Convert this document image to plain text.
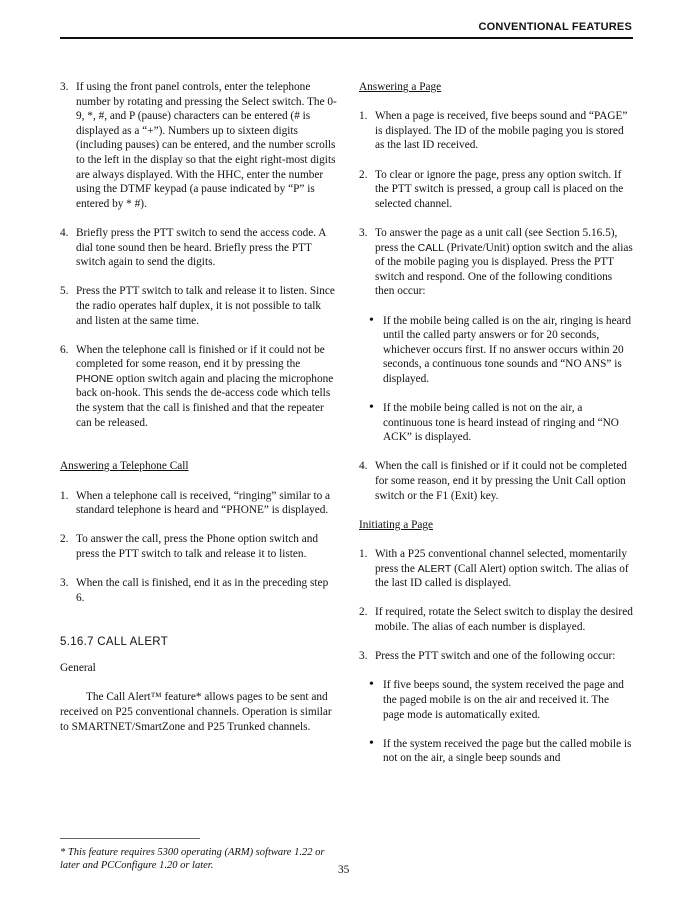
CONVENTIONAL FEATURES
3. If using the front panel controls, enter the telephone number by rotating and pressing the Select switch. The 0-9, *, #, and P (pause) characters can be entered (# is displayed as a “+”). Numbers up to sixteen digits (including pauses) can be entered, and the number scrolls to the left in the display so that the eight right-most digits are always displayed. With the HHC, enter the number using the DTMF keypad (a pause indicated by “P” is entered by * #).
4. Briefly press the PTT switch to send the access code. A dial tone sound then be heard. Briefly press the PTT switch again to send the digits.
5. Press the PTT switch to talk and release it to listen. Since the radio operates half duplex, it is not possible to talk and listen at the same time.
6. When the telephone call is finished or if it could not be completed for some reason, end it by pressing the PHONE option switch again and placing the microphone back on-hook. This sends the de-access code which tells the system that the call is finished and that the repeater can be released.
Answering a Telephone Call
1. When a telephone call is received, “ringing” similar to a standard telephone is heard and “PHONE” is displayed.
2. To answer the call, press the Phone option switch and press the PTT switch to talk and release it to listen.
3. When the call is finished, end it as in the preceding step 6.
5.16.7 CALL ALERT
General
The Call Alert™ feature* allows pages to be sent and received on P25 conventional channels. Operation is similar to SMARTNET/SmartZone and P25 Trunked channels.
Answering a Page
1. When a page is received, five beeps sound and “PAGE” is displayed. The ID of the mobile paging you is stored as the last ID received.
2. To clear or ignore the page, press any option switch. If the PTT switch is pressed, a group call is placed on the selected channel.
3. To answer the page as a unit call (see Section 5.16.5), press the CALL (Private/Unit) option switch and the alias of the mobile paging you is displayed. Press the PTT switch and respond. One of the following conditions then occur:
• If the mobile being called is on the air, ringing is heard until the called party answers or for 20 seconds, whichever occurs first. If no answer occurs within 20 seconds, a continuous tone sounds and “NO ANS” is displayed.
• If the mobile being called is not on the air, a continuous tone is heard instead of ringing and “NO ACK” is displayed.
4. When the call is finished or if it could not be completed for some reason, end it by pressing the Unit Call option switch or the F1 (Exit) key.
Initiating a Page
1. With a P25 conventional channel selected, momentarily press the ALERT (Call Alert) option switch. The alias of the last ID called is displayed.
2. If required, rotate the Select switch to display the desired mobile. The alias of each number is displayed.
3. Press the PTT switch and one of the following occur:
• If five beeps sound, the system received the page and the paged mobile is on the air and received it. The page mode is automatically exited.
• If the system received the page but the called mobile is not on the air, a single beep sounds and
* This feature requires 5300 operating (ARM) software 1.22 or later and PCConfigure 1.20 or later.	35
